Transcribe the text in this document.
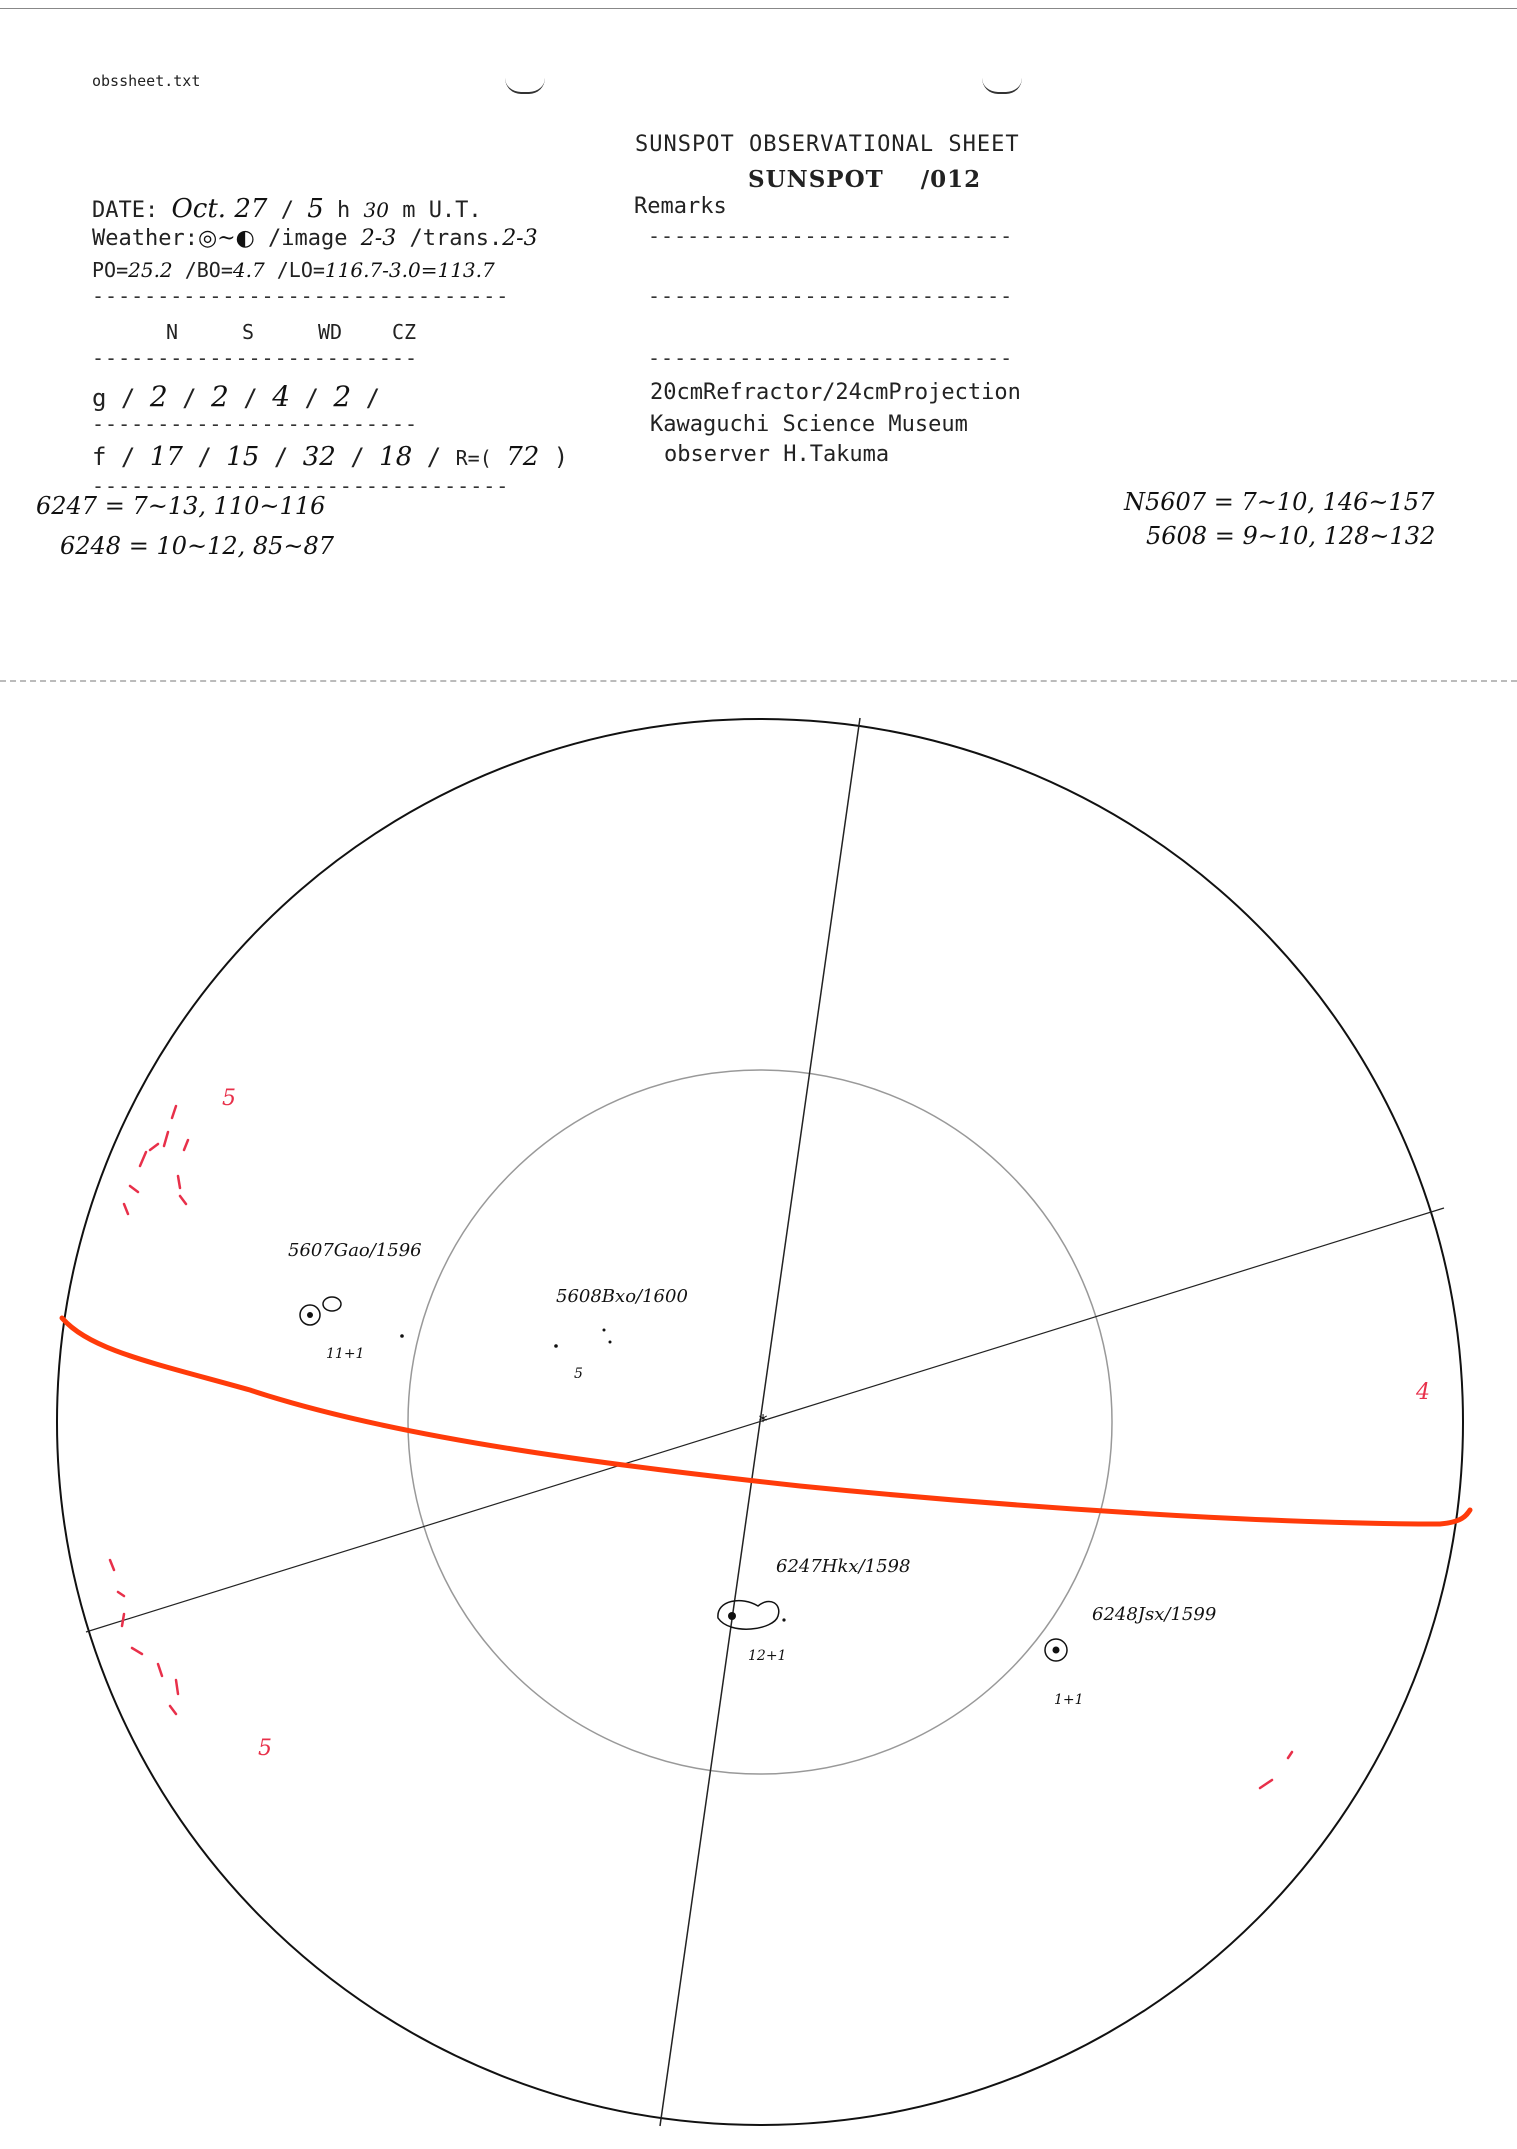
obssheet.txt
SUNSPOT OBSERVATIONAL SHEET
SUNSPOT /012
DATE: Oct. 27 / 5 h 30 m U.T.
Weather:◎~◐ /image 2-3 /trans.2-3
PO=25.2 /BO=4.7 /LO=116.7-3.0=113.7
--------------------------------
N	S	WD CZ
-------------------------
g / 2 / 2 / 4 / 2 /
-------------------------
f / 17 / 15 / 32 / 18 / R=( 72 )
--------------------------------
Remarks
----------------------------
----------------------------
----------------------------
20cmRefractor/24cmProjection
Kawaguchi Science Museum
observer H.Takuma
6247 = 7~13, 110~116
6248 = 10~12, 85~87
N5607 = 7~10, 146~157
5608 = 9~10, 128~132
*
5607Gao/1596
11+1
5608Bxo/1600
5
6247Hkx/1598
12+1
6248Jsx/1599
1+1
5
5
4
